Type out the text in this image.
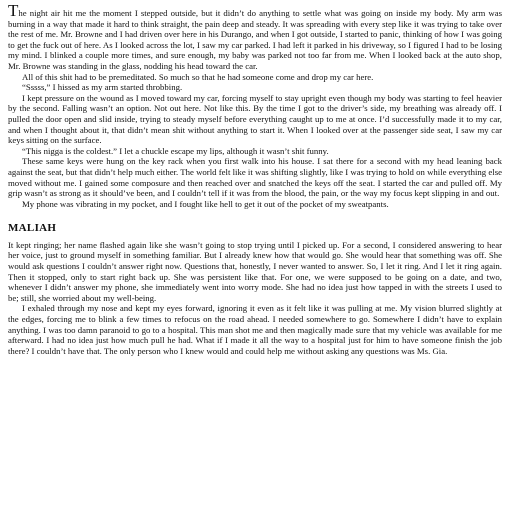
The night air hit me the moment I stepped outside, but it didn’t do anything to settle what was going on inside my body. My arm was burning in a way that made it hard to think straight, the pain deep and steady. It was spreading with every step like it was trying to take over the rest of me. Mr. Browne and I had driven over here in his Durango, and when I got outside, I started to panic, thinking of how I was going to get the fuck out of here. As I looked across the lot, I saw my car parked. I had left it parked in his driveway, so I figured I had to be losing my mind. I blinked a couple more times, and sure enough, my baby was parked not too far from me. When I looked back at the auto shop, Mr. Browne was standing in the glass, nodding his head toward the car.

All of this shit had to be premeditated. So much so that he had someone come and drop my car here.

“Sssss,” I hissed as my arm started throbbing.

I kept pressure on the wound as I moved toward my car, forcing myself to stay upright even though my body was starting to feel heavier by the second. Falling wasn’t an option. Not out here. Not like this. By the time I got to the driver’s side, my breathing was already off. I pulled the door open and slid inside, trying to steady myself before everything caught up to me at once. I’d successfully made it to my car, and when I thought about it, that didn’t mean shit without anything to start it. When I looked over at the passenger side seat, I saw my car keys sitting on the surface.

“This nigga is the coldest.” I let a chuckle escape my lips, although it wasn’t shit funny.

These same keys were hung on the key rack when you first walk into his house. I sat there for a second with my head leaning back against the seat, but that didn’t help much either. The world felt like it was shifting slightly, like I was trying to hold on while everything else moved without me. I gained some composure and then reached over and snatched the keys off the seat. I started the car and pulled off. My grip wasn’t as strong as it should’ve been, and I couldn’t tell if it was from the blood, the pain, or the way my focus kept slipping in and out.

My phone was vibrating in my pocket, and I fought like hell to get it out of the pocket of my sweatpants.

MALIAH

It kept ringing; her name flashed again like she wasn’t going to stop trying until I picked up. For a second, I considered answering to hear her voice, just to ground myself in something familiar. But I already knew how that would go. She would hear that something was off. She would ask questions I couldn’t answer right now. Questions that, honestly, I never wanted to answer. So, I let it ring. And I let it ring again. Then it stopped, only to start right back up. She was persistent like that. For one, we were supposed to be going on a date, and two, whenever I didn’t answer my phone, she immediately went into worry mode. She had no idea just how tapped in with the streets I used to be; still, she worried about my well-being.

I exhaled through my nose and kept my eyes forward, ignoring it even as it felt like it was pulling at me. My vision blurred slightly at the edges, forcing me to blink a few times to refocus on the road ahead. I needed somewhere to go. Somewhere I didn’t have to explain anything. I was too damn paranoid to go to a hospital. This man shot me and then magically made sure that my vehicle was available for me afterward. I had no idea just how much pull he had. What if I made it all the way to a hospital just for him to have someone finish the job there? I couldn’t have that. The only person who I knew would and could help me without asking any questions was Ms. Gia.
